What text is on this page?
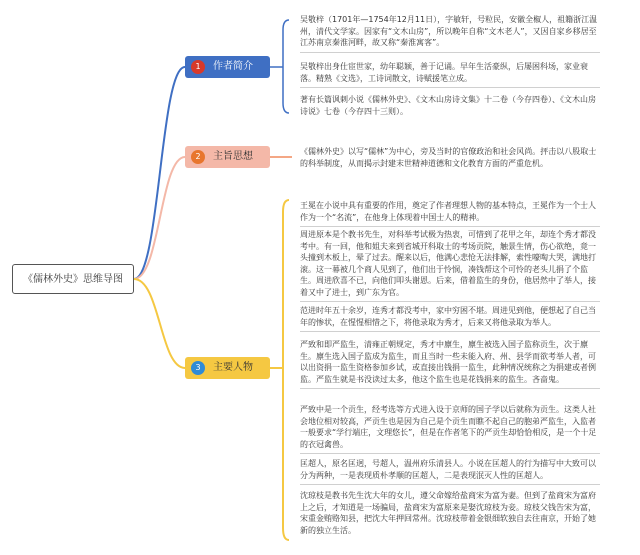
《儒林外史》思维导图
1	作者简介
2	主旨思想
3	主要人物
吴敬梓（1701年—1754年12月11日），字敏轩，号粒民，安徽全椒人，祖籍浙江温州，清代文学家。因家有“文木山房”，所以晚年自称“文木老人”，又因自家乡移居至江苏南京秦淮河畔，故又称“秦淮寓客”。
吴敬梓出身仕宦世家，幼年聪颖，善于记诵。早年生活豪纵，后屡困科场，家业衰落。精熟《文选》，工诗词散文，诗赋援笔立成。
著有长篇讽刺小说《儒林外史》、《文木山房诗文集》十二卷（今存四卷）、《文木山房诗说》七卷（今存四十三则）。
《儒林外史》以写“儒林”为中心，旁及当时的官僚政治和社会风尚。抨击以八股取士的科举制度，从而揭示封建末世精神道德和文化教育方面的严重危机。
王冕在小说中具有重要的作用，奠定了作者理想人物的基本特点，王冕作为一个士人作为一个“名流”，在他身上体现着中国士人的精神。
周进原本是个教书先生，对科举考试极为热衷，可惜到了花甲之年，却连个秀才都没考中。有一回，他和姐夫来到省城开科取士的考场贡院，触景生情，伤心欲绝，竟一头撞到木板上，晕了过去。醒来以后，他满心悲怆无法排解，索性嚎啕大哭，满地打滚。这一幕被几个商人见到了，他们出于怜悯，凑钱帮这个可怜的老头儿捐了个监生。周进欣喜不已，向他们叩头谢恩。后来，借着监生的身份，他居然中了举人，接着又中了进士，到广东为官。
范进时年五十余岁，连秀才都没考中，家中穷困不堪。周进见到他，便想起了自己当年的惨状，在惺惺相惜之下，将他录取为秀才，后来又将他录取为举人。
严致和即严监生，清雍正朝规定，秀才中廪生，廪生被选入国子监称贡生，次于廪生。廪生选入国子监成为监生，而且当时一些未能入府、州、县学而欲考举人者，可以出资捐一监生资格参加乡试，或直接出钱捐一监生，此种情况统称之为捐建或者例监。严监生就是书没读过太多，他这个监生也是花钱捐来的监生。吝啬鬼。
严致中是一个贡生，经考选等方式进入设于京师的国子学以后就称为贡生。这类人社会地位相对较高，严贡生也是因为自己是个贡生而瞧不起自己的胞弟严监生，入监者一般要求“学行端庄，文理悠长”，但是在作者笔下的严贡生却恰恰相反，是一个十足的衣冠禽兽。
匡超人，原名匡迥，号超人，温州府乐清县人。小说在匡超人的行为描写中大致可以分为两种，一是表现质朴孝顺的匡超人，二是表现泯灭人性的匡超人。
沈琼枝是教书先生沈大年的女儿，遵父命嫁给盐商宋为富为妻。但到了盐商宋为富府上之后，才知道是一场骗局，盐商宋为富原来是娶沈琼枝为妾。琼枝父钱告宋为富，宋重金贿赂知县，把沈大年押回常州。沈琼枝带着金银细软独自去往南京，开始了她新的独立生活。
